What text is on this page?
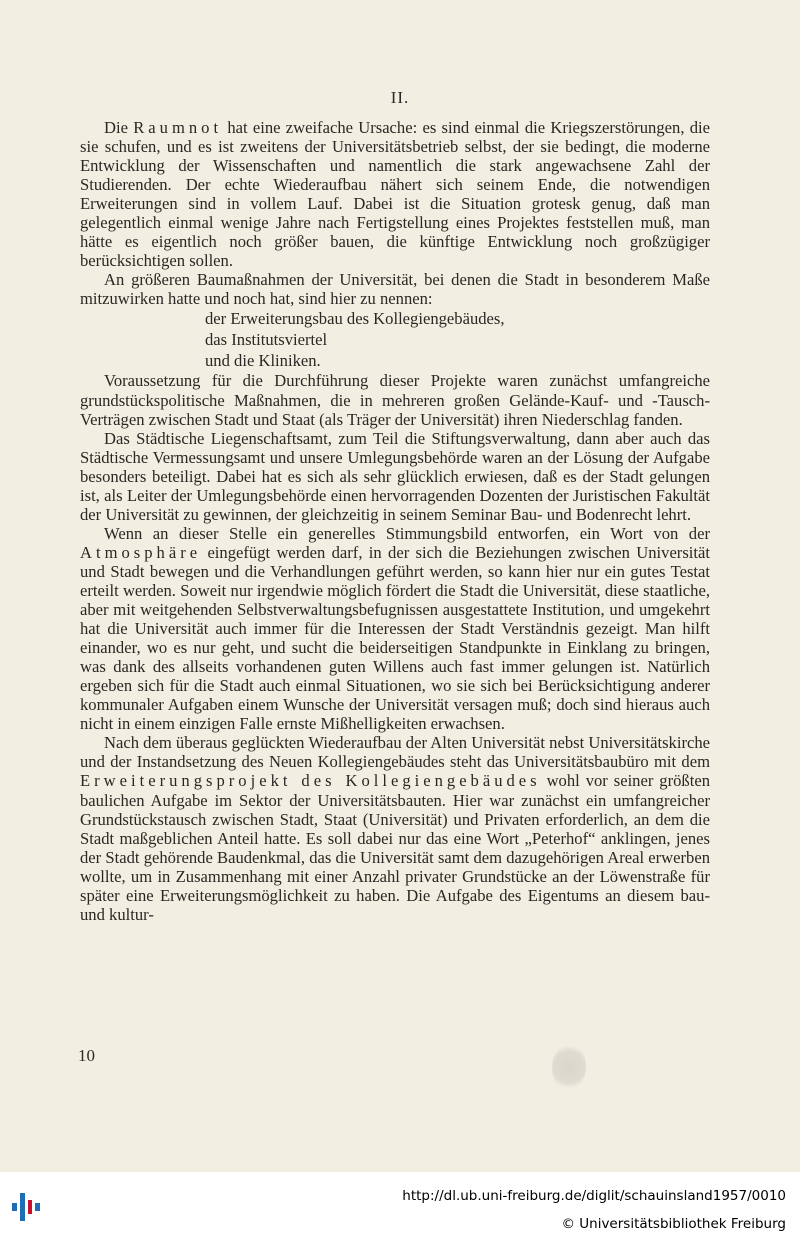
II.

Die Raumnot hat eine zweifache Ursache: es sind einmal die Kriegszerstörungen, die sie schufen, und es ist zweitens der Universitätsbetrieb selbst, der sie bedingt, die moderne Entwicklung der Wissenschaften und namentlich die stark angewachsene Zahl der Studierenden. Der echte Wiederaufbau nähert sich seinem Ende, die notwendigen Erweiterungen sind in vollem Lauf. Dabei ist die Situation grotesk genug, daß man gelegentlich einmal wenige Jahre nach Fertigstellung eines Projektes feststellen muß, man hätte es eigentlich noch größer bauen, die künftige Entwicklung noch großzügiger berücksichtigen sollen.

An größeren Baumaßnahmen der Universität, bei denen die Stadt in besonderem Maße mitzuwirken hatte und noch hat, sind hier zu nennen:

der Erweiterungsbau des Kollegiengebäudes,
das Institutsviertel
und die Kliniken.

Voraussetzung für die Durchführung dieser Projekte waren zunächst umfangreiche grundstückspolitische Maßnahmen, die in mehreren großen Gelände-Kauf- und -Tausch-Verträgen zwischen Stadt und Staat (als Träger der Universität) ihren Niederschlag fanden.

Das Städtische Liegenschaftsamt, zum Teil die Stiftungsverwaltung, dann aber auch das Städtische Vermessungsamt und unsere Umlegungsbehörde waren an der Lösung der Aufgabe besonders beteiligt. Dabei hat es sich als sehr glücklich erwiesen, daß es der Stadt gelungen ist, als Leiter der Umlegungsbehörde einen hervorragenden Dozenten der Juristischen Fakultät der Universität zu gewinnen, der gleichzeitig in seinem Seminar Bau- und Bodenrecht lehrt.

Wenn an dieser Stelle ein generelles Stimmungsbild entworfen, ein Wort von der Atmosphäre eingefügt werden darf, in der sich die Beziehungen zwischen Universität und Stadt bewegen und die Verhandlungen geführt werden, so kann hier nur ein gutes Testat erteilt werden. Soweit nur irgendwie möglich fördert die Stadt die Universität, diese staatliche, aber mit weitgehenden Selbstverwaltungsbefugnissen ausgestattete Institution, und umgekehrt hat die Universität auch immer für die Interessen der Stadt Verständnis gezeigt. Man hilft einander, wo es nur geht, und sucht die beiderseitigen Standpunkte in Einklang zu bringen, was dank des allseits vorhandenen guten Willens auch fast immer gelungen ist. Natürlich ergeben sich für die Stadt auch einmal Situationen, wo sie sich bei Berücksichtigung anderer kommunaler Aufgaben einem Wunsche der Universität versagen muß; doch sind hieraus auch nicht in einem einzigen Falle ernste Mißhelligkeiten erwachsen.

Nach dem überaus geglückten Wiederaufbau der Alten Universität nebst Universitätskirche und der Instandsetzung des Neuen Kollegiengebäudes steht das Universitätsbaubüro mit dem Erweiterungsprojekt des Kollegiengebäudes wohl vor seiner größten baulichen Aufgabe im Sektor der Universitätsbauten. Hier war zunächst ein umfangreicher Grundstückstausch zwischen Stadt, Staat (Universität) und Privaten erforderlich, an dem die Stadt maßgeblichen Anteil hatte. Es soll dabei nur das eine Wort „Peterhof“ anklingen, jenes der Stadt gehörende Baudenkmal, das die Universität samt dem dazugehörigen Areal erwerben wollte, um in Zusammenhang mit einer Anzahl privater Grundstücke an der Löwenstraße für später eine Erweiterungsmöglichkeit zu haben. Die Aufgabe des Eigentums an diesem bau- und kultur-

10
http://dl.ub.uni-freiburg.de/diglit/schauinsland1957/0010
© Universitätsbibliothek Freiburg
